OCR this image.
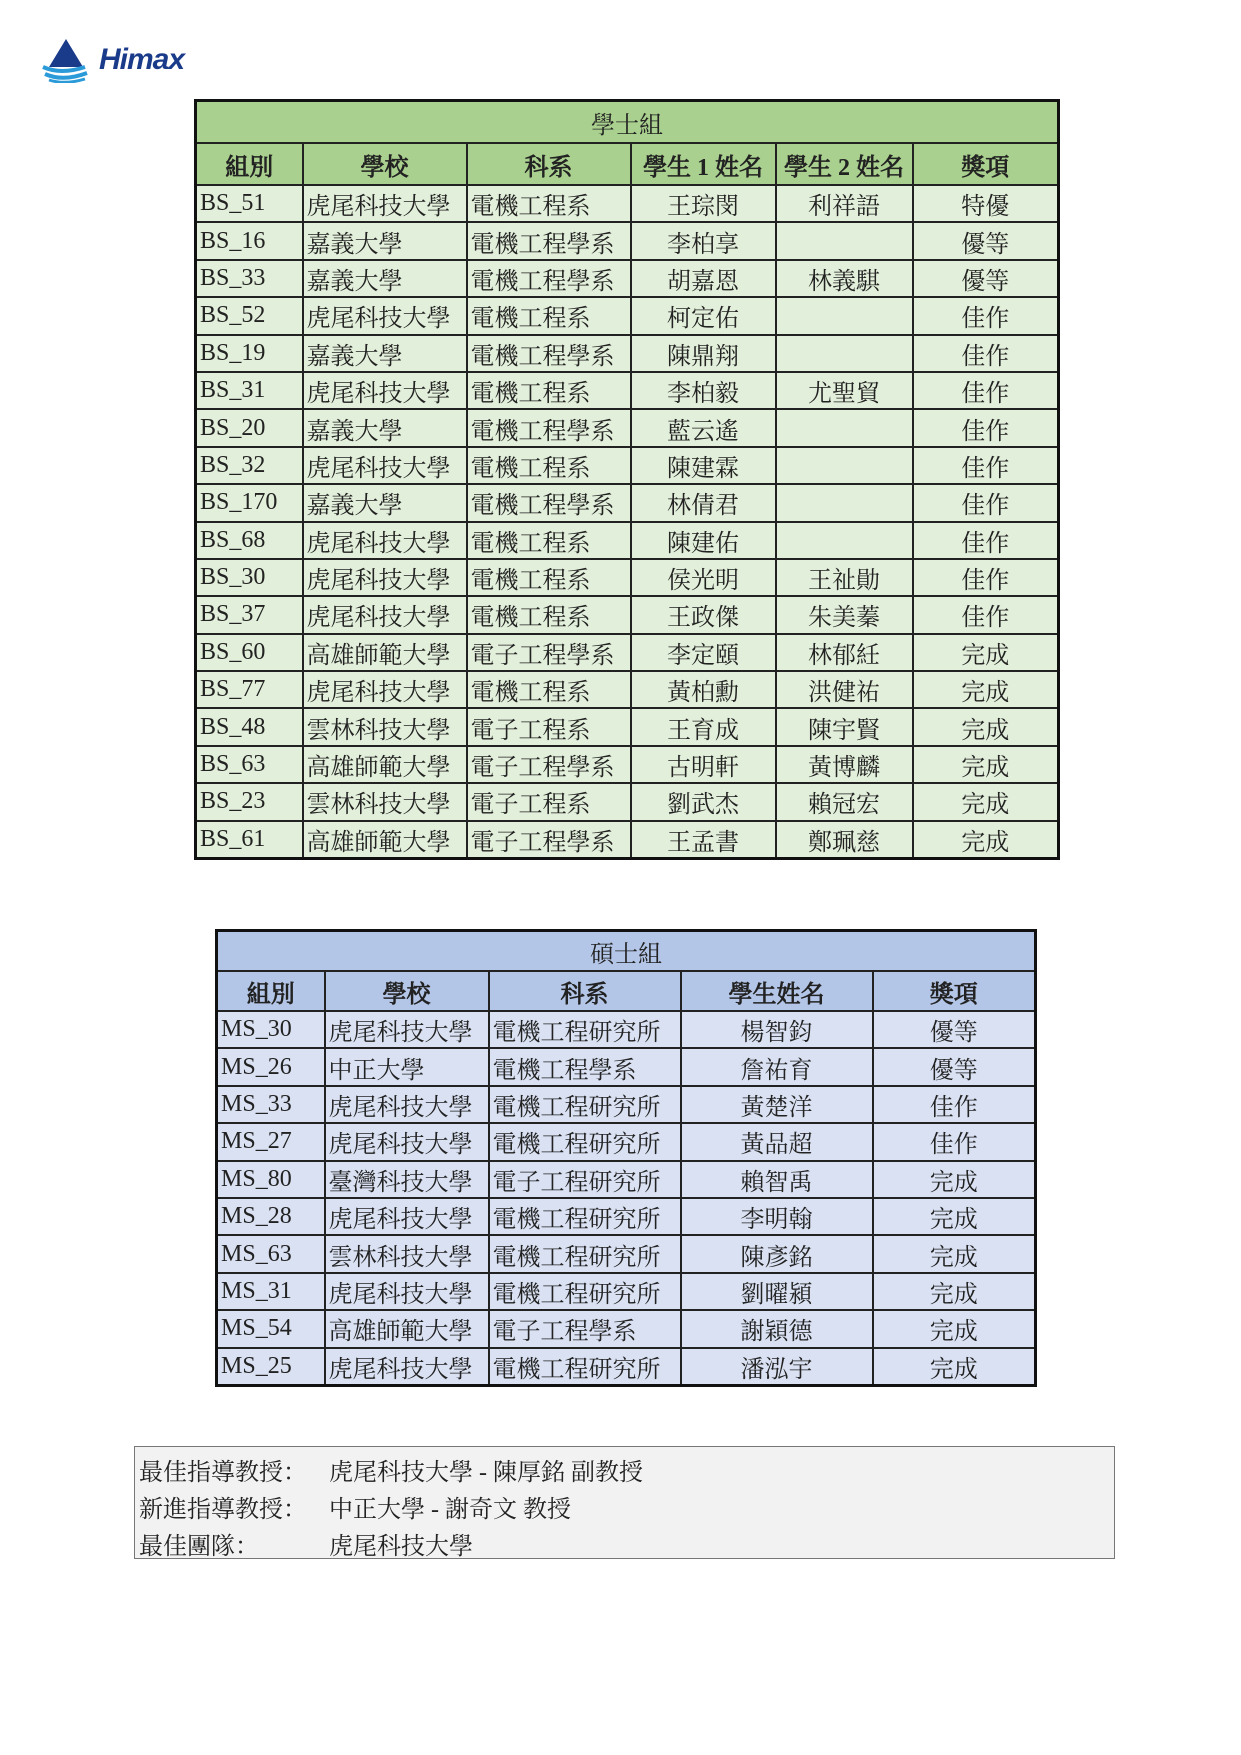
Himax
學士組					
組別	學校	科系	學生 1 姓名	學生 2 姓名	獎項
BS_51	虎尾科技大學	電機工程系	王琮閔	利祥語	特優
BS_16	嘉義大學	電機工程學系	李柏享		優等
BS_33	嘉義大學	電機工程學系	胡嘉恩	林義騏	優等
BS_52	虎尾科技大學	電機工程系	柯定佑		佳作
BS_19	嘉義大學	電機工程學系	陳鼎翔		佳作
BS_31	虎尾科技大學	電機工程系	李柏毅	尤聖貿	佳作
BS_20	嘉義大學	電機工程學系	藍云遙		佳作
BS_32	虎尾科技大學	電機工程系	陳建霖		佳作
BS_170	嘉義大學	電機工程學系	林倩君		佳作
BS_68	虎尾科技大學	電機工程系	陳建佑		佳作
BS_30	虎尾科技大學	電機工程系	侯光明	王祉勛	佳作
BS_37	虎尾科技大學	電機工程系	王政傑	朱美蓁	佳作
BS_60	高雄師範大學	電子工程學系	李定頤	林郁紝	完成
BS_77	虎尾科技大學	電機工程系	黃柏勳	洪健祐	完成
BS_48	雲林科技大學	電子工程系	王育成	陳宇賢	完成
BS_63	高雄師範大學	電子工程學系	古明軒	黃博麟	完成
BS_23	雲林科技大學	電子工程系	劉武杰	賴冠宏	完成
BS_61	高雄師範大學	電子工程學系	王孟書	鄭珮慈	完成
碩士組				
組別	學校	科系	學生姓名	獎項
MS_30	虎尾科技大學	電機工程研究所	楊智鈞	優等
MS_26	中正大學	電機工程學系	詹祐育	優等
MS_33	虎尾科技大學	電機工程研究所	黃楚洋	佳作
MS_27	虎尾科技大學	電機工程研究所	黃品超	佳作
MS_80	臺灣科技大學	電子工程研究所	賴智禹	完成
MS_28	虎尾科技大學	電機工程研究所	李明翰	完成
MS_63	雲林科技大學	電機工程研究所	陳彥銘	完成
MS_31	虎尾科技大學	電機工程研究所	劉曜潁	完成
MS_54	高雄師範大學	電子工程學系	謝穎德	完成
MS_25	虎尾科技大學	電機工程研究所	潘泓宇	完成
最佳指導教授： 虎尾科技大學 - 陳厚銘 副教授
新進指導教授： 中正大學 - 謝奇文 教授
最佳團隊：	虎尾科技大學
